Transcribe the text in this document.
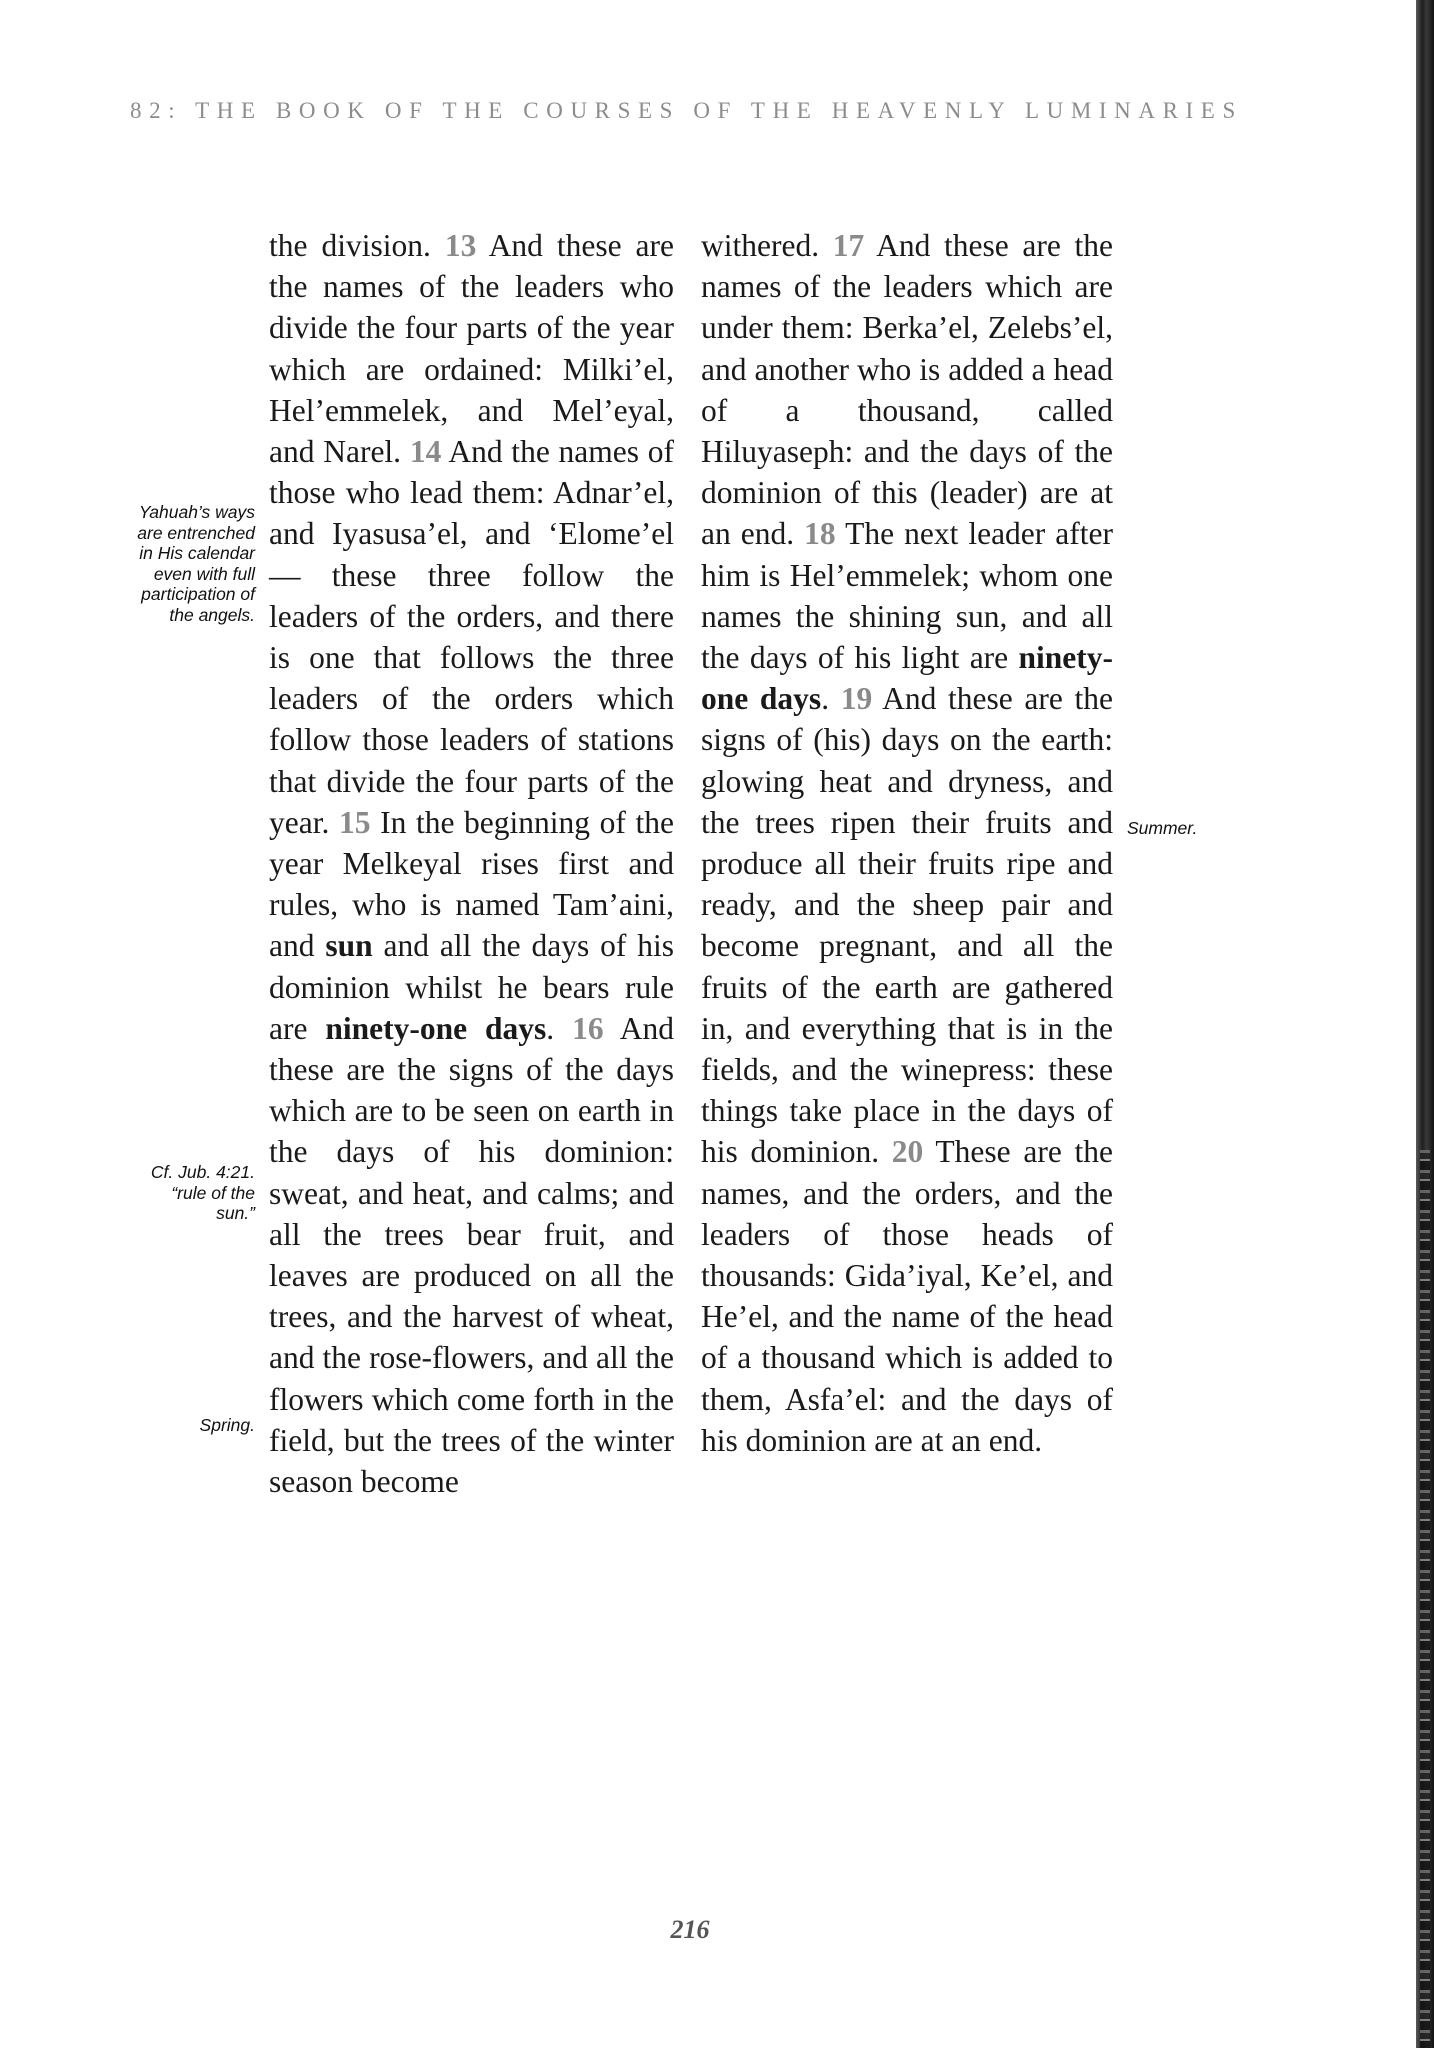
82: THE BOOK OF THE COURSES OF THE HEAVENLY LUMINARIES
the division. 13 And these are the names of the leaders who divide the four parts of the year which are ordained: Milki’el, Hel’emmelek, and Mel’eyal, and Narel. 14 And the names of those who lead them: Adnar’el, and Iyasusa’el, and ‘Elome’el— these three follow the leaders of the orders, and there is one that follows the three leaders of the orders which follow those leaders of stations that divide the four parts of the year. 15 In the beginning of the year Melkeyal rises first and rules, who is named Tam’aini, and sun and all the days of his dominion whilst he bears rule are ninety-one days. 16 And these are the signs of the days which are to be seen on earth in the days of his dominion: sweat, and heat, and calms; and all the trees bear fruit, and leaves are produced on all the trees, and the harvest of wheat, and the rose-flowers, and all the flowers which come forth in the field, but the trees of the winter season become
withered. 17 And these are the names of the leaders which are under them: Berka’el, Zelebs’el, and another who is added a head of a thousand, called Hiluyaseph: and the days of the dominion of this (leader) are at an end. 18 The next leader after him is Hel’emmelek; whom one names the shining sun, and all the days of his light are ninety-one days. 19 And these are the signs of (his) days on the earth: glowing heat and dryness, and the trees ripen their fruits and produce all their fruits ripe and ready, and the sheep pair and become pregnant, and all the fruits of the earth are gathered in, and everything that is in the fields, and the winepress: these things take place in the days of his dominion. 20 These are the names, and the orders, and the leaders of those heads of thousands: Gida’iyal, Ke’el, and He’el, and the name of the head of a thousand which is added to them, Asfa’el: and the days of his dominion are at an end.
Yahuah’s ways
are entrenched
in His calendar
even with full
participation of
the angels.
Cf. Jub. 4:21.
“rule of the
sun.”
Spring.
Summer.
216
